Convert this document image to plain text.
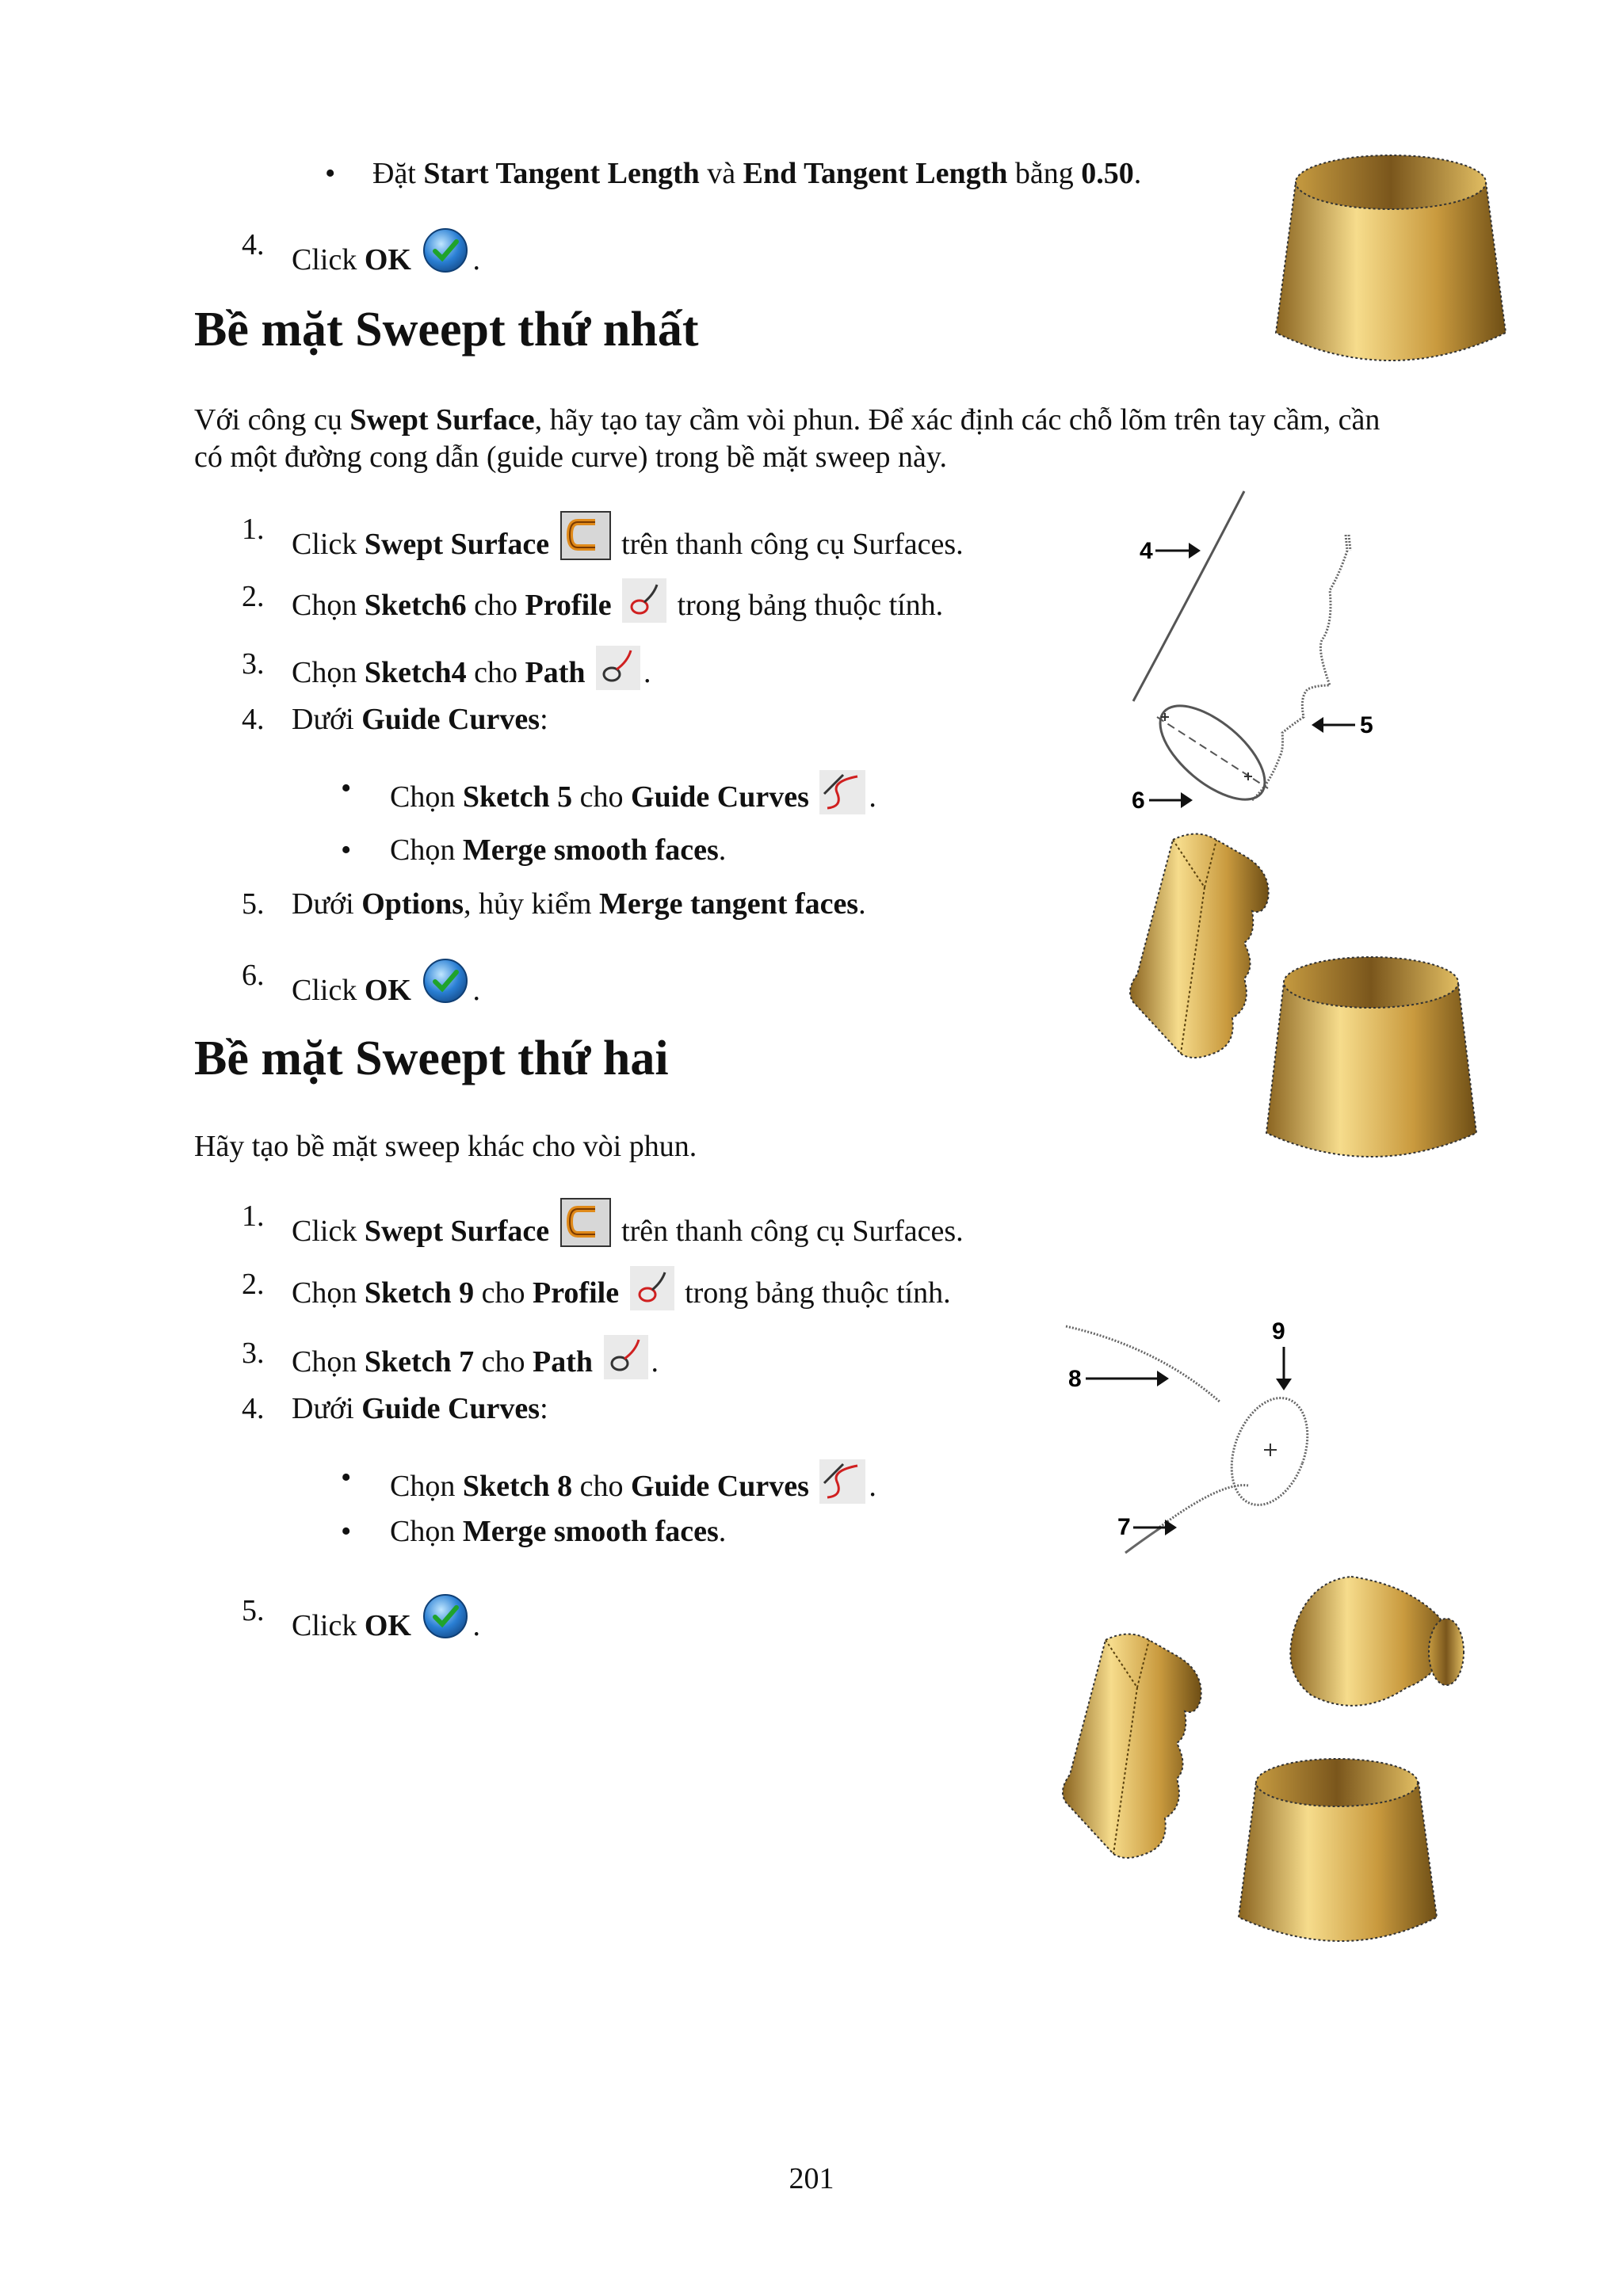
• Đặt Start Tangent Length và End Tangent Length bằng 0.50.
4. Click OK .
Bề mặt Sweept thứ nhất
Với công cụ Swept Surface, hãy tạo tay cầm vòi phun. Để xác định các chỗ lõm trên tay cầm, cần
có một đường cong dẫn (guide curve) trong bề mặt sweep này.
1. Click Swept Surface  trên thanh công cụ Surfaces.
2. Chọn Sketch6 cho Profile  trong bảng thuộc tính.
3. Chọn Sketch4 cho Path .
4. Dưới Guide Curves:
• Chọn Sketch 5 cho Guide Curves .
• Chọn Merge smooth faces.
5. Dưới Options, hủy kiểm Merge tangent faces.
6. Click OK .
4
5
6
Bề mặt Sweept thứ hai
Hãy tạo bề mặt sweep khác cho vòi phun.
1. Click Swept Surface  trên thanh công cụ Surfaces.
2. Chọn Sketch 9 cho Profile  trong bảng thuộc tính.
3. Chọn Sketch 7 cho Path .
4. Dưới Guide Curves:
• Chọn Sketch 8 cho Guide Curves .
• Chọn Merge smooth faces.
5. Click OK .
9
8
7
201
